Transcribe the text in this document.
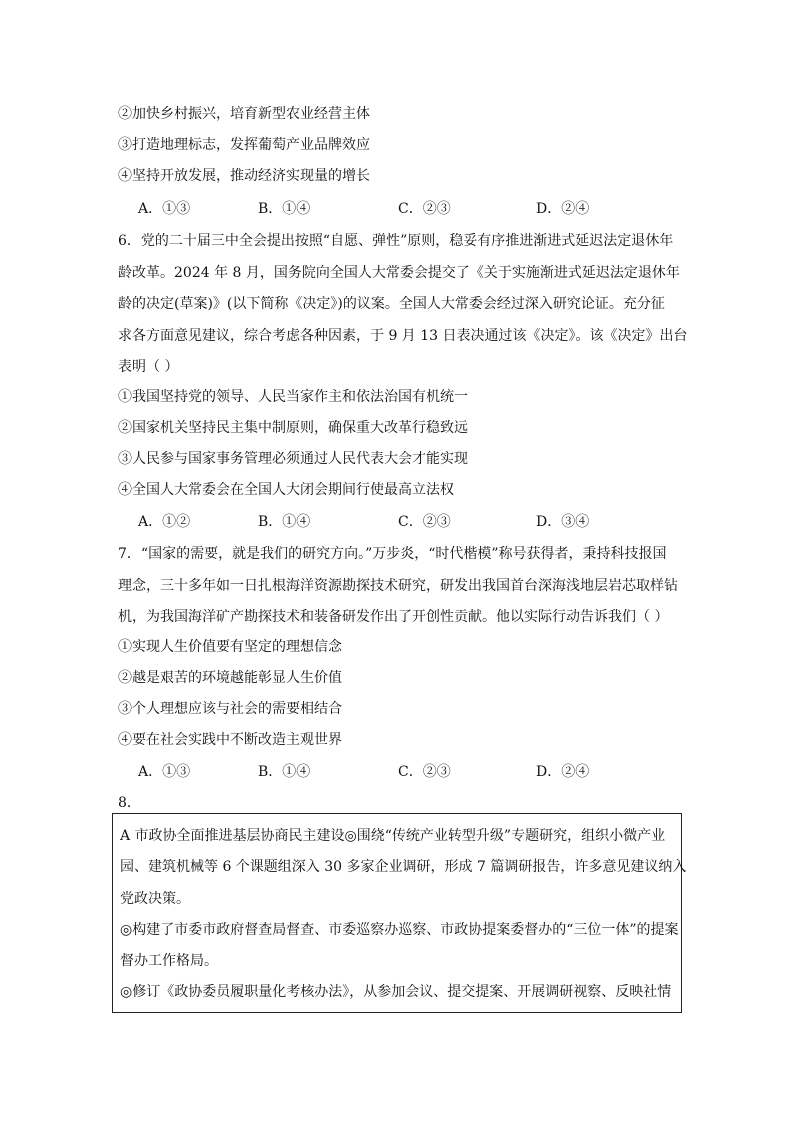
②加快乡村振兴，培育新型农业经营主体
③打造地理标志，发挥葡萄产业品牌效应
④坚持开放发展，推动经济实现量的增长
A．①③	B．①④	C．②③	D．②④
6．党的二十届三中全会提出按照“自愿、弹性”原则，稳妥有序推进渐进式延迟法定退休年
龄改革。2024 年 8 月，国务院向全国人大常委会提交了《关于实施渐进式延迟法定退休年
龄的决定(草案)》(以下简称《决定》)的议案。全国人大常委会经过深入研究论证。充分征
求各方面意见建议，综合考虑各种因素，于 9 月 13 日表决通过该《决定》。该《决定》出台
表明（ ）
①我国坚持党的领导、人民当家作主和依法治国有机统一
②国家机关坚持民主集中制原则，确保重大改革行稳致远
③人民参与国家事务管理必须通过人民代表大会才能实现
④全国人大常委会在全国人大闭会期间行使最高立法权
A．①②	B．①④	C．②③	D．③④
7．“国家的需要，就是我们的研究方向。”万步炎，“时代楷模”称号获得者，秉持科技报国
理念，三十多年如一日扎根海洋资源勘探技术研究，研发出我国首台深海浅地层岩芯取样钻
机，为我国海洋矿产勘探技术和装备研发作出了开创性贡献。他以实际行动告诉我们（ ）
①实现人生价值要有坚定的理想信念
②越是艰苦的环境越能彰显人生价值
③个人理想应该与社会的需要相结合
④要在社会实践中不断改造主观世界
A．①③	B．①④	C．②③	D．②④
8．
A 市政协全面推进基层协商民主建设◎围绕“传统产业转型升级”专题研究，组织小微产业
园、建筑机械等 6 个课题组深入 30 多家企业调研，形成 7 篇调研报告，许多意见建议纳入
党政决策。
◎构建了市委市政府督查局督查、市委巡察办巡察、市政协提案委督办的“三位一体”的提案
督办工作格局。
◎修订《政协委员履职量化考核办法》，从参加会议、提交提案、开展调研视察、反映社情
